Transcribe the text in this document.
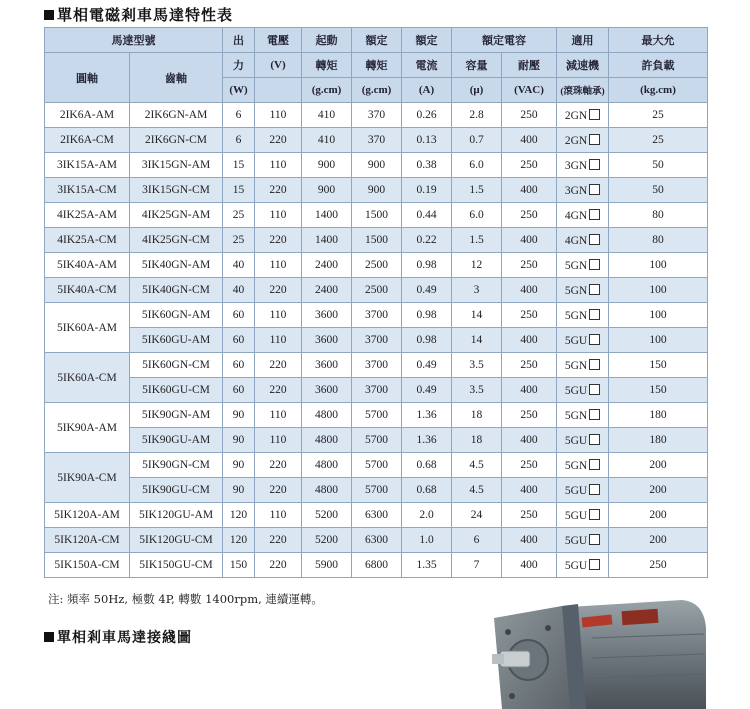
單相電磁剎車馬達特性表
馬達型號		出	電壓	起動	額定	額定	額定電容		適用	最大允
圓軸	齒軸	力	(V)	轉矩	轉矩	電流	容量	耐壓	減速機	許負載
		(W)		(g.cm)	(g.cm)	(A)	(μ)	(VAC)	(滾珠軸承)	(kg.cm)
2IK6A-AM	2IK6GN-AM	6	110	410	370	0.26	2.8	250	2GN	25
2IK6A-CM	2IK6GN-CM	6	220	410	370	0.13	0.7	400	2GN	25
3IK15A-AM	3IK15GN-AM	15	110	900	900	0.38	6.0	250	3GN	50
3IK15A-CM	3IK15GN-CM	15	220	900	900	0.19	1.5	400	3GN	50
4IK25A-AM	4IK25GN-AM	25	110	1400	1500	0.44	6.0	250	4GN	80
4IK25A-CM	4IK25GN-CM	25	220	1400	1500	0.22	1.5	400	4GN	80
5IK40A-AM	5IK40GN-AM	40	110	2400	2500	0.98	12	250	5GN	100
5IK40A-CM	5IK40GN-CM	40	220	2400	2500	0.49	3	400	5GN	100
5IK60A-AM	5IK60GN-AM	60	110	3600	3700	0.98	14	250	5GN	100
	5IK60GU-AM	60	110	3600	3700	0.98	14	400	5GU	100
5IK60A-CM	5IK60GN-CM	60	220	3600	3700	0.49	3.5	250	5GN	150
	5IK60GU-CM	60	220	3600	3700	0.49	3.5	400	5GU	150
5IK90A-AM	5IK90GN-AM	90	110	4800	5700	1.36	18	250	5GN	180
	5IK90GU-AM	90	110	4800	5700	1.36	18	400	5GU	180
5IK90A-CM	5IK90GN-CM	90	220	4800	5700	0.68	4.5	250	5GN	200
	5IK90GU-CM	90	220	4800	5700	0.68	4.5	400	5GU	200
5IK120A-AM	5IK120GU-AM	120	110	5200	6300	2.0	24	250	5GU	200
5IK120A-CM	5IK120GU-CM	120	220	5200	6300	1.0	6	400	5GU	200
5IK150A-CM	5IK150GU-CM	150	220	5900	6800	1.35	7	400	5GU	250
注: 頻率 50Hz, 極數 4P, 轉數 1400rpm, 連續運轉。
單相剎車馬達接綫圖
